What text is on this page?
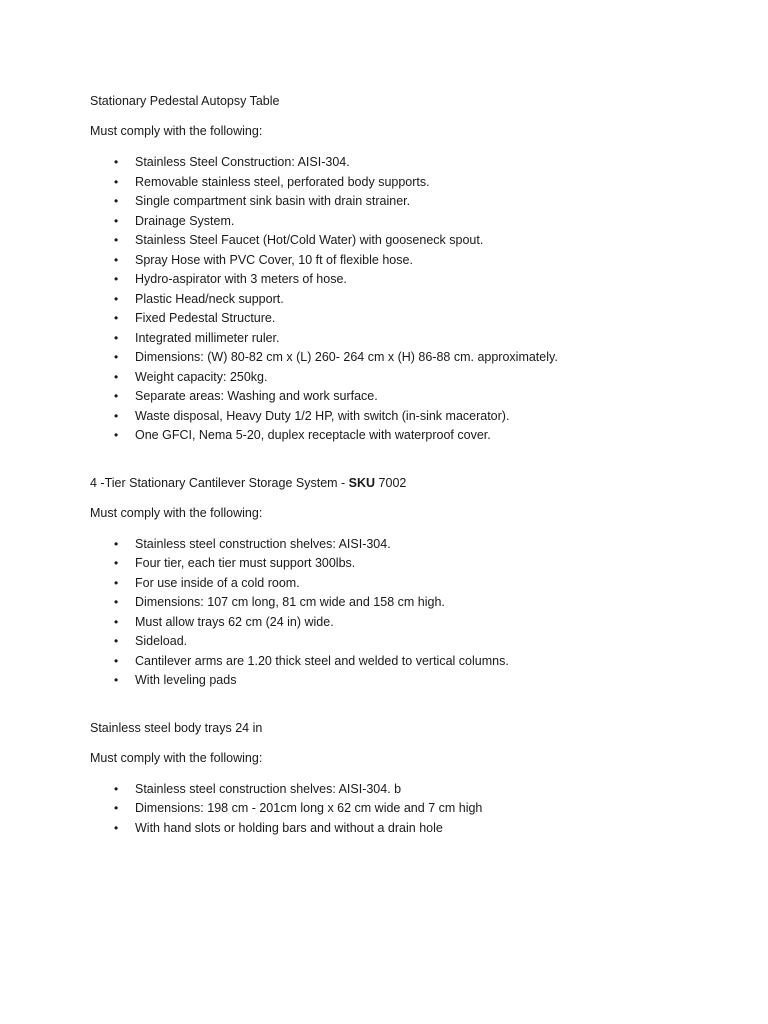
Stationary Pedestal Autopsy Table

Must comply with the following:

• Stainless Steel Construction: AISI-304.
• Removable stainless steel, perforated body supports.
• Single compartment sink basin with drain strainer.
• Drainage System.
• Stainless Steel Faucet (Hot/Cold Water) with gooseneck spout.
• Spray Hose with PVC Cover, 10 ft of flexible hose.
• Hydro-aspirator with 3 meters of hose.
• Plastic Head/neck support.
• Fixed Pedestal Structure.
• Integrated millimeter ruler.
• Dimensions: (W) 80-82 cm x (L) 260- 264 cm x (H) 86-88 cm. approximately.
• Weight capacity: 250kg.
• Separate areas: Washing and work surface.
• Waste disposal, Heavy Duty 1/2 HP, with switch (in-sink macerator).
• One GFCI, Nema 5-20, duplex receptacle with waterproof cover.

4 -Tier Stationary Cantilever Storage System - SKU 7002

Must comply with the following:

• Stainless steel construction shelves: AISI-304.
• Four tier, each tier must support 300lbs.
• For use inside of a cold room.
• Dimensions: 107 cm long, 81 cm wide and 158 cm high.
• Must allow trays 62 cm (24 in) wide.
• Sideload.
• Cantilever arms are 1.20 thick steel and welded to vertical columns.
• With leveling pads

Stainless steel body trays 24 in

Must comply with the following:

• Stainless steel construction shelves: AISI-304. b
• Dimensions: 198 cm - 201cm long x 62 cm wide and 7 cm high
• With hand slots or holding bars and without a drain hole
